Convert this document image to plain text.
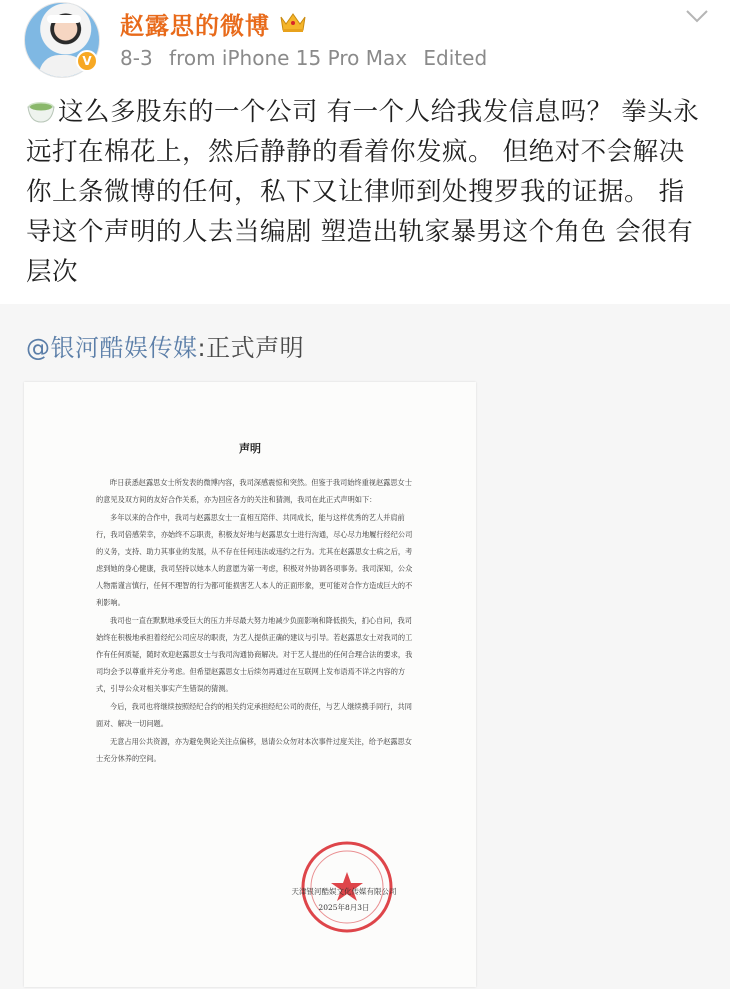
V
赵露思的微博
8-3 from iPhone 15 Pro Max Edited
这么多股东的一个公司 有一个人给我发信息吗？ 拳头永远打在棉花上，然后静静的看着你发疯。 但绝对不会解决你上条微博的任何，私下又让律师到处搜罗我的证据。 指导这个声明的人去当编剧 塑造出轨家暴男这个角色 会很有层次
@银河酷娱传媒:正式声明
声明

昨日获悉赵露思女士所发表的微博内容，我司深感震惊和突然。但鉴于我司始终重视赵露思女士的意见及双方间的友好合作关系，亦为回应各方的关注和猜测，我司在此正式声明如下：

多年以来的合作中，我司与赵露思女士一直相互陪伴、共同成长，能与这样优秀的艺人并肩前行，我司倍感荣幸，亦始终不忘职责，积极友好地与赵露思女士进行沟通，尽心尽力地履行经纪公司的义务，支持、助力其事业的发展，从不存在任何违法或违约之行为。尤其在赵露思女士病之后，考虑到她的身心健康，我司坚持以她本人的意愿为第一考虑，积极对外协调各项事务。我司深知，公众人物需谨言慎行，任何不理智的行为都可能损害艺人本人的正面形象，更可能对合作方造成巨大的不利影响。

我司也一直在默默地承受巨大的压力并尽最大努力地减少负面影响和降低损失，扪心自问，我司始终在积极地承担着经纪公司应尽的职责，为艺人提供正确的建议与引导。若赵露思女士对我司的工作有任何质疑，随时欢迎赵露思女士与我司沟通协商解决。对于艺人提出的任何合理合法的要求，我司均会予以尊重并充分考虑。但希望赵露思女士后续勿再通过在互联网上发布语焉不详之内容的方式，引导公众对相关事实产生错误的猜测。

今后，我司也将继续按照经纪合约的相关约定承担经纪公司的责任，与艺人继续携手同行，共同面对、解决一切问题。

无意占用公共资源，亦为避免舆论关注点偏移，恳请公众勿对本次事件过度关注，给予赵露思女士充分休养的空间。

天津银河酷娱文化传媒有限公司
2025年8月3日
